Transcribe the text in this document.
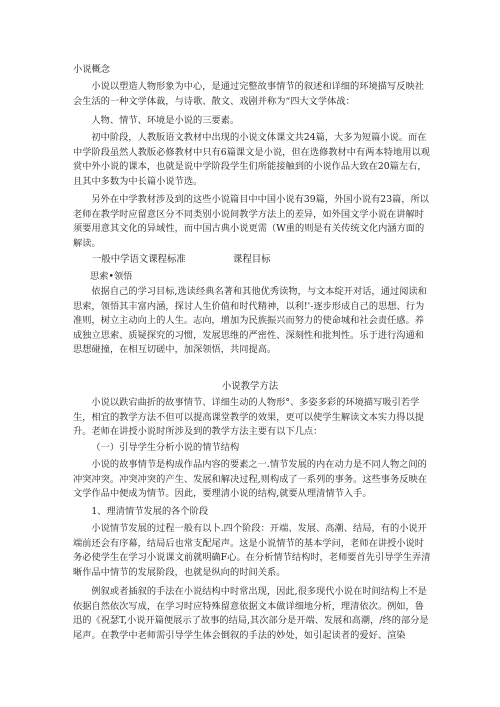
小说概念
小说以塑造人物形象为中心，是通过完整故事情节的叙述和详细的环境描写反映社会生活的一种文学体裁，与诗歌、散文、戏剧并称为“四大文学体战：
人物、情节、环境是小说的三要素。
初中阶段，人教版语文教材中出现的小说文体课文共24篇，大多为短篇小说。而在中学阶段虽然人教版必修教材中只有6篇课文是小说，但在选修教材中有两本特地用以观赏中外小说的课本，也就是说中学阶段学生们所能接触到的小说作品大致在20篇左右，且其中多数为中长篇小说节选。
另外在中学教材涉及到的这些小说篇目中中国小说有39篇，外国小说有23篇，所以老师在教学时应留意区分不同类别小说间教学方法上的差异，如外国文学小说在讲解时须要用意其文化的异域性，而中国古典小说更需（W重的则是有关传统文化内涵方面的解读。
一般中学语文课程标准	课程目标
思索•领悟
依据自己的学习目标,选读经典名著和其他优秀读物，与文本绽开对话，通过阅读和思索，领悟其丰富内涵，探讨人生价值和时代精神，以利!'-逐步形成自己的思想、行为准则，树立主动向上的人生。志向，增加为民族振兴而努力的使命城和社会责任感。养成独立思索、质疑探究的习惯，发展思维的严密性、深刻性和批判性。乐于进行沟通和思想碰撞，在相互切磋中，加深领悟，共同提高。
小说教学方法
小说以跌宕曲折的故事情节、详细生动的人物形°、多姿多彩的环境描写吸引若学生，相宜的教学方法不但可以提高课堂教学的效果，更可以使学生解读文本实力得以提升。老师在讲授小说时所涉及到的教学方法主要有以下几点：
（一）引导学生分析小说的情节结构
小说的故事情节是构成作品内容的要素之一.情节发展的内在动力是不同人物之间的冲突冲突。冲突冲突的产生、发展和解决过程,则构成了一系列的事务。这些事务反映在文学作品中便成为情节。因此，要理清小说的结构,就要从理清情节入手。
1、理清情节发展的各个阶段
小说情节发展的过程一般有以卜.四个阶段：开端、发展、高潮、结局，有的小说开端前还会有序幕，结局后也常支配尾声。这是小说情节的基本学问，老师在讲授小说时务必使学生在学习小说课文前就明确F心。在分析情节结构时，老师要首先引导学生弄清晰作品中情节的发展阶段，也就是纵向的时间关系。
例叙或者插叙的手法在小说结构中时常出现，因此,很多现代小说在时间结构上不是依据自然依次写成，在学习时应特殊留意依据文本做详细地分析，理清依次。例如，鲁迅的《祝瑟T,小说开篇便展示了故事的结局,其次部分是开端、发展和高潮，/终的部分是尾声。在教学中老师需引导学生体会倒叙的手法的妙处，如引起读者的爱好、渲染
